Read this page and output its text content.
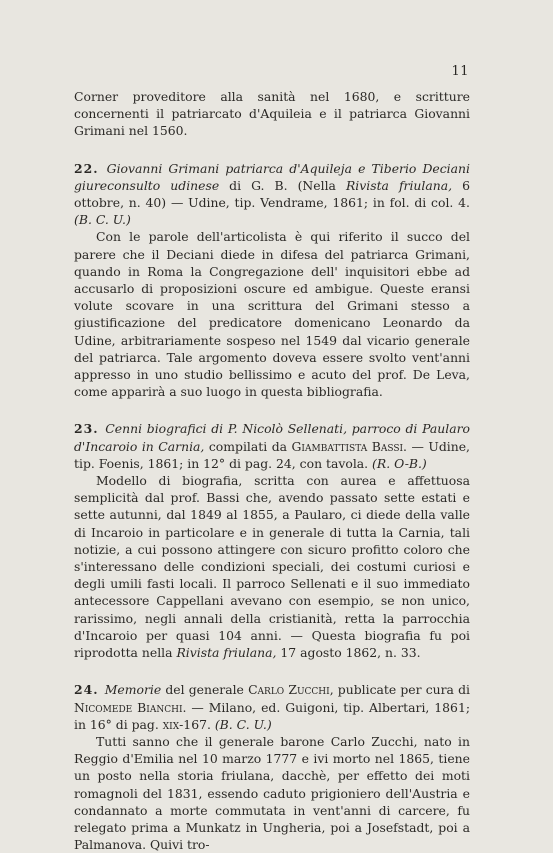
11

Corner proveditore alla sanità nel 1680, e scritture concernenti il patriarcato d'Aquileia e il patriarca Giovanni Grimani nel 1560.

22. Giovanni Grimani patriarca d'Aquileja e Tiberio Deciani giureconsulto udinese di G. B. (Nella Rivista friulana, 6 ottobre, n. 40) — Udine, tip. Vendrame, 1861; in fol. di col. 4. (B. C. U.)

Con le parole dell'articolista è qui riferito il succo del parere che il Deciani diede in difesa del patriarca Grimani, quando in Roma la Congregazione dell' inquisitori ebbe ad accusarlo di proposizioni oscure ed ambigue. Queste eransi volute scovare in una scrittura del Grimani stesso a giustificazione del predicatore domenicano Leonardo da Udine, arbitrariamente sospeso nel 1549 dal vicario generale del patriarca. Tale argomento doveva essere svolto vent'anni appresso in uno studio bellissimo e acuto del prof. De Leva, come apparirà a suo luogo in questa bibliografia.

23. Cenni biografici di P. Nicolò Sellenati, parroco di Paularo d'Incaroio in Carnia, compilati da Giambattista Bassi. — Udine, tip. Foenis, 1861; in 12° di pag. 24, con tavola. (R. O-B.)

Modello di biografia, scritta con aurea e affettuosa semplicità dal prof. Bassi che, avendo passato sette estati e sette autunni, dal 1849 al 1855, a Paularo, ci diede della valle di Incaroio in particolare e in generale di tutta la Carnia, tali notizie, a cui possono attingere con sicuro profitto coloro che s'interessano delle condizioni speciali, dei costumi curiosi e degli umili fasti locali. Il parroco Sellenati e il suo immediato antecessore Cappellani avevano con esempio, se non unico, rarissimo, negli annali della cristianità, retta la parrocchia d'Incaroio per quasi 104 anni. — Questa biografia fu poi riprodotta nella Rivista friulana, 17 agosto 1862, n. 33.

24. Memorie del generale Carlo Zucchi, publicate per cura di Nicomede Bianchi. — Milano, ed. Guigoni, tip. Albertari, 1861; in 16° di pag. xix-167. (B. C. U.)

Tutti sanno che il generale barone Carlo Zucchi, nato in Reggio d'Emilia nel 10 marzo 1777 e ivi morto nel 1865, tiene un posto nella storia friulana, dacchè, per effetto dei moti romagnoli del 1831, essendo caduto prigioniero dell'Austria e condannato a morte commutata in vent'anni di carcere, fu relegato prima a Munkatz in Ungheria, poi a Josefstadt, poi a Palmanova. Quivi tro-
